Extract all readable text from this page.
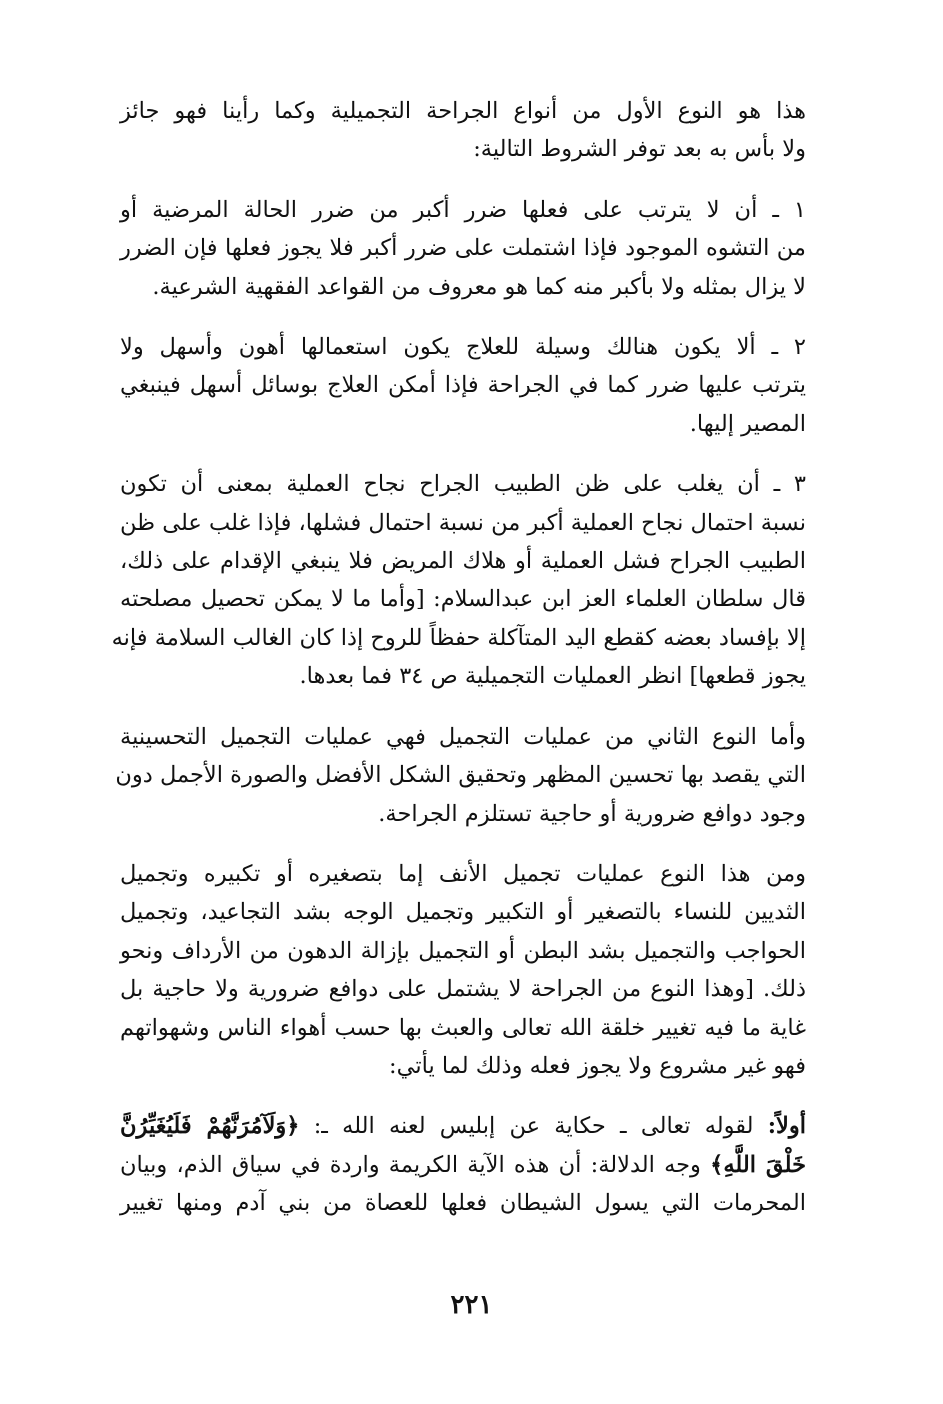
هذا هو النوع الأول من أنواع الجراحة التجميلية وكما رأينا فهو جائز
ولا بأس به بعد توفر الشروط التالية:

١ ـ أن لا يترتب على فعلها ضرر أكبر من ضرر الحالة المرضية أو
من التشوه الموجود فإذا اشتملت على ضرر أكبر فلا يجوز فعلها فإن الضرر
لا يزال بمثله ولا بأكبر منه كما هو معروف من القواعد الفقهية الشرعية.

٢ ـ ألا يكون هنالك وسيلة للعلاج يكون استعمالها أهون وأسهل ولا
يترتب عليها ضرر كما في الجراحة فإذا أمكن العلاج بوسائل أسهل فينبغي
المصير إليها.

٣ ـ أن يغلب على ظن الطبيب الجراح نجاح العملية بمعنى أن تكون
نسبة احتمال نجاح العملية أكبر من نسبة احتمال فشلها، فإذا غلب على ظن
الطبيب الجراح فشل العملية أو هلاك المريض فلا ينبغي الإقدام على ذلك،
قال سلطان العلماء العز ابن عبدالسلام: [وأما ما لا يمكن تحصيل مصلحته
إلا بإفساد بعضه كقطع اليد المتآكلة حفظاً للروح إذا كان الغالب السلامة فإنه
يجوز قطعها] انظر العمليات التجميلية ص ٣٤ فما بعدها.

وأما النوع الثاني من عمليات التجميل فهي عمليات التجميل التحسينية
التي يقصد بها تحسين المظهر وتحقيق الشكل الأفضل والصورة الأجمل دون
وجود دوافع ضرورية أو حاجية تستلزم الجراحة.

ومن هذا النوع عمليات تجميل الأنف إما بتصغيره أو تكبيره وتجميل
الثديين للنساء بالتصغير أو التكبير وتجميل الوجه بشد التجاعيد، وتجميل
الحواجب والتجميل بشد البطن أو التجميل بإزالة الدهون من الأرداف ونحو
ذلك. [وهذا النوع من الجراحة لا يشتمل على دوافع ضرورية ولا حاجية بل
غاية ما فيه تغيير خلقة الله تعالى والعبث بها حسب أهواء الناس وشهواتهم
فهو غير مشروع ولا يجوز فعله وذلك لما يأتي:

أولاً: لقوله تعالى ـ حكاية عن إبليس لعنه الله ـ: ﴿وَلَآمُرَنَّهُمْ فَلَيُغَيِّرُنَّ
خَلْقَ اللَّهِ﴾ وجه الدلالة: أن هذه الآية الكريمة واردة في سياق الذم، وبيان
المحرمات التي يسول الشيطان فعلها للعصاة من بني آدم ومنها تغيير

٢٢١
